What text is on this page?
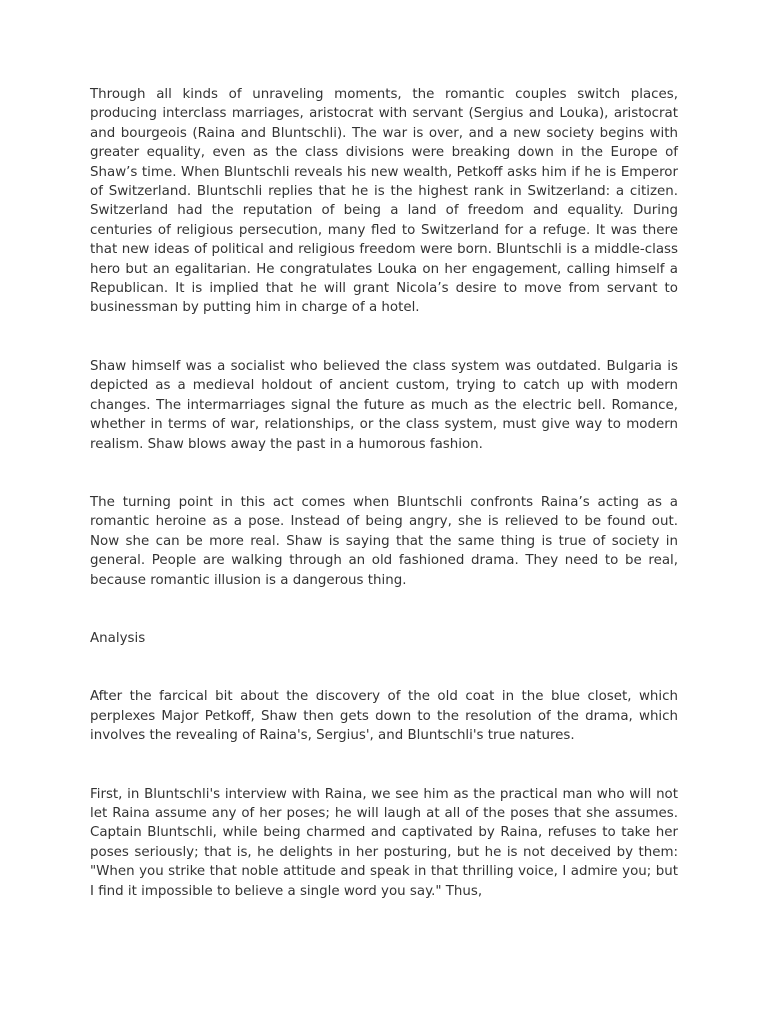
Through all kinds of unraveling moments, the romantic couples switch places, producing interclass marriages, aristocrat with servant (Sergius and Louka), aristocrat and bourgeois (Raina and Bluntschli). The war is over, and a new society begins with greater equality, even as the class divisions were breaking down in the Europe of Shaw’s time. When Bluntschli reveals his new wealth, Petkoff asks him if he is Emperor of Switzerland. Bluntschli replies that he is the highest rank in Switzerland: a citizen. Switzerland had the reputation of being a land of freedom and equality. During centuries of religious persecution, many fled to Switzerland for a refuge. It was there that new ideas of political and religious freedom were born. Bluntschli is a middle-class hero but an egalitarian. He congratulates Louka on her engagement, calling himself a Republican. It is implied that he will grant Nicola’s desire to move from servant to businessman by putting him in charge of a hotel.

Shaw himself was a socialist who believed the class system was outdated. Bulgaria is depicted as a medieval holdout of ancient custom, trying to catch up with modern changes. The intermarriages signal the future as much as the electric bell. Romance, whether in terms of war, relationships, or the class system, must give way to modern realism. Shaw blows away the past in a humorous fashion.

The turning point in this act comes when Bluntschli confronts Raina’s acting as a romantic heroine as a pose. Instead of being angry, she is relieved to be found out. Now she can be more real. Shaw is saying that the same thing is true of society in general. People are walking through an old fashioned drama. They need to be real, because romantic illusion is a dangerous thing.

Analysis

After the farcical bit about the discovery of the old coat in the blue closet, which perplexes Major Petkoff, Shaw then gets down to the resolution of the drama, which involves the revealing of Raina's, Sergius', and Bluntschli's true natures.

First, in Bluntschli's interview with Raina, we see him as the practical man who will not let Raina assume any of her poses; he will laugh at all of the poses that she assumes. Captain Bluntschli, while being charmed and captivated by Raina, refuses to take her poses seriously; that is, he delights in her posturing, but he is not deceived by them: "When you strike that noble attitude and speak in that thrilling voice, I admire you; but I find it impossible to believe a single word you say." Thus,
